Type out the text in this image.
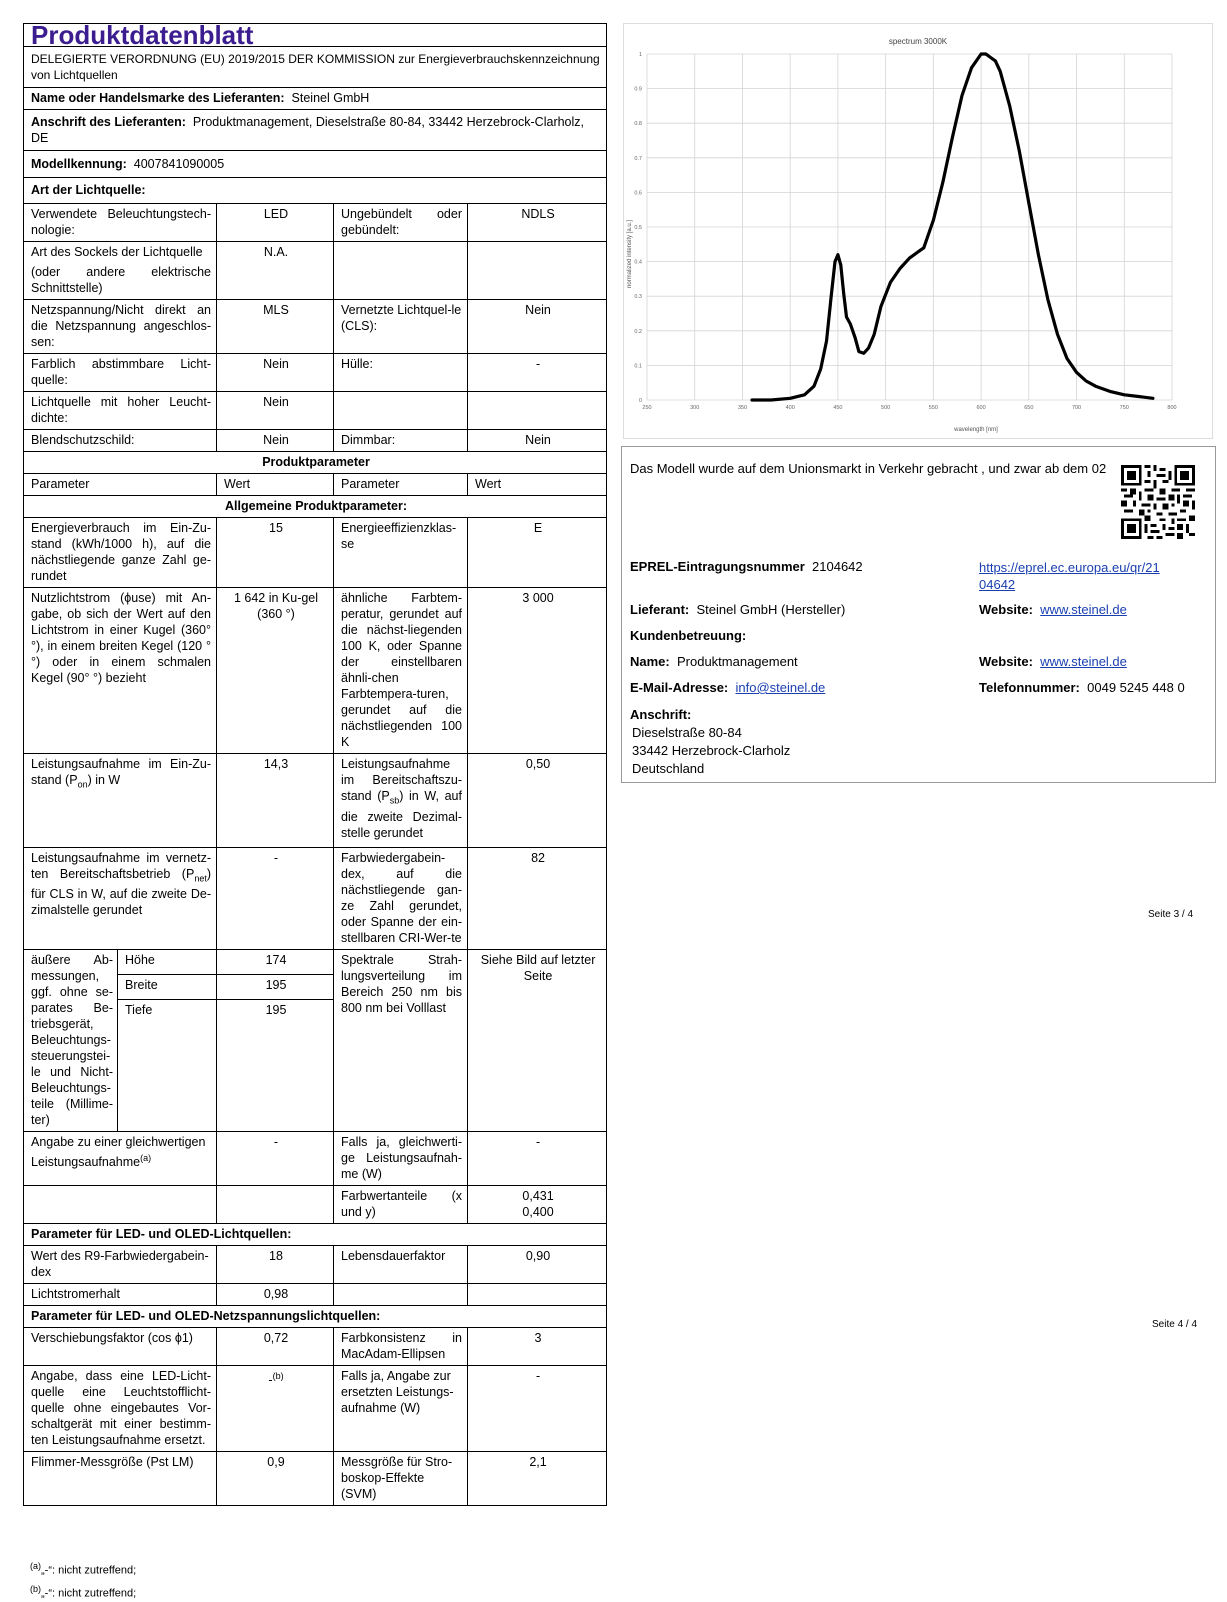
Produktdatenblatt				
DELEGIERTE VERORDNUNG (EU) 2019/2015 DER KOMMISSION zur Energieverbrauchskennzeichnung von Lichtquellen				
Name oder Handelsmarke des Lieferanten: Steinel GmbH				
Anschrift des Lieferanten: Produktmanagement, Dieselstraße 80-84, 33442 Herzebrock-Clarholz, DE				
Modellkennung: 4007841090005				
Art der Lichtquelle:				
Verwendete Beleuchtungstech-nologie:		LED	Ungebündelt oder gebündelt:	NDLS

Art des Sockels der Lichtquelle
(oder andere elektrische Schnittstelle)		N.A.		
Netzspannung/Nicht direkt an die Netzspannung angeschlos-sen:		MLS	Vernetzte Lichtquel-le (CLS):	Nein
Farblich abstimmbare Licht-quelle:		Nein	Hülle:	-
Lichtquelle mit hoher Leucht-dichte:		Nein		
Blendschutzschild:		Nein	Dimmbar:	Nein
Produktparameter				
Parameter		Wert	Parameter	Wert
Allgemeine Produktparameter:				
Energieverbrauch im Ein-Zu-stand (kWh/1000 h), auf die nächstliegende ganze Zahl ge-rundet		15	Energieeffizienzklas-se	E
Nutzlichtstrom (ϕuse) mit An-gabe, ob sich der Wert auf den Lichtstrom in einer Kugel (360° °), in einem breiten Kegel (120 °°) oder in einem schmalen Kegel (90° °) bezieht		1 642 in Ku-gel (360 °)	ähnliche Farbtem-peratur, gerundet auf die nächst-liegenden 100 K, oder Spanne der einstellbaren ähnli-chen Farbtempera-turen, gerundet auf die nächstliegenden 100 K	3 000
Leistungsaufnahme im Ein-Zu-stand $(P_{on})$ in W		14,3	Leistungsaufnahme im Bereitschaftszu-stand $(P_{sb})$ in W, auf die zweite Dezimal-stelle gerundet	0,50
Leistungsaufnahme im vernetz-ten Bereitschaftsbetrieb $(P_{net})$ für CLS in W, auf die zweite De-zimalstelle gerundet		-	Farbwiedergabein-dex, auf die nächstliegende gan-ze Zahl gerundet, oder Spanne der ein-stellbaren CRI-Wer-te	82
äußere Ab-messungen, ggf. ohne se-parates Be-triebsgerät, Beleuchtungs-steuerungstei-le und Nicht-Beleuchtungs-teile (Millime-ter)	Höhe	174	Spektrale Strah-lungsverteilung im Bereich 250 nm bis 800 nm bei Volllast	Siehe Bild auf letzter Seite
	Breite	195		
	Tiefe	195		
Angabe zu einer gleichwertigen Leistungsaufnahme$^{(a)}$		-	Falls ja, gleichwerti-ge Leistungsaufnah-me (W)	-
			Farbwertanteile (x und y)	0,431
0,400

Parameter für LED- und OLED-Lichtquellen:				
Wert des R9-Farbwiedergabein-dex		18	Lebensdauerfaktor	0,90
Lichtstromerhalt		0,98		
Parameter für LED- und OLED-Netzspannungslichtquellen:				
Verschiebungsfaktor (cos ϕ1)		0,72	Farbkonsistenz in MacAdam-Ellipsen	3
Angabe, dass eine LED-Licht-quelle eine Leuchtstofflicht-quelle ohne eingebautes Vor-schaltgerät mit einer bestimm-ten Leistungsaufnahme ersetzt.		-$^{(b)}$	Falls ja, Angabe zur ersetzten Leistungs-aufnahme (W)	-
Flimmer-Messgröße (Pst LM)		0,9	Messgröße für Stro-boskop-Effekte (SVM)	2,1
$^{(a)}$„-“: nicht zutreffend;
$^{(b)}$„-“: nicht zutreffend;
spectrum 3000K
wavelength [nm]
normalized intensity [a.u.]
0
0.1
0.2
0.3
0.4
0.5
0.6
0.7
0.8
0.9
1
250	300	350	400	450	500	550	600	650	700	750	800
Das Modell wurde auf dem Unionsmarkt in Verkehr gebracht , und zwar ab dem 02
EPREL-Eintragungsnummer 2104642	https://eprel.ec.europa.eu/qr/21
04642
Lieferant: Steinel GmbH (Hersteller)	Website: www.steinel.de
Kundenbetreuung:
Name: Produktmanagement	Website: www.steinel.de
E-Mail-Adresse: info@steinel.de	Telefonnummer: 0049 5245 448 0
Anschrift:
Dieselstraße 80-84
33442 Herzebrock-Clarholz
Deutschland
Seite 3 / 4
Seite 4 / 4
